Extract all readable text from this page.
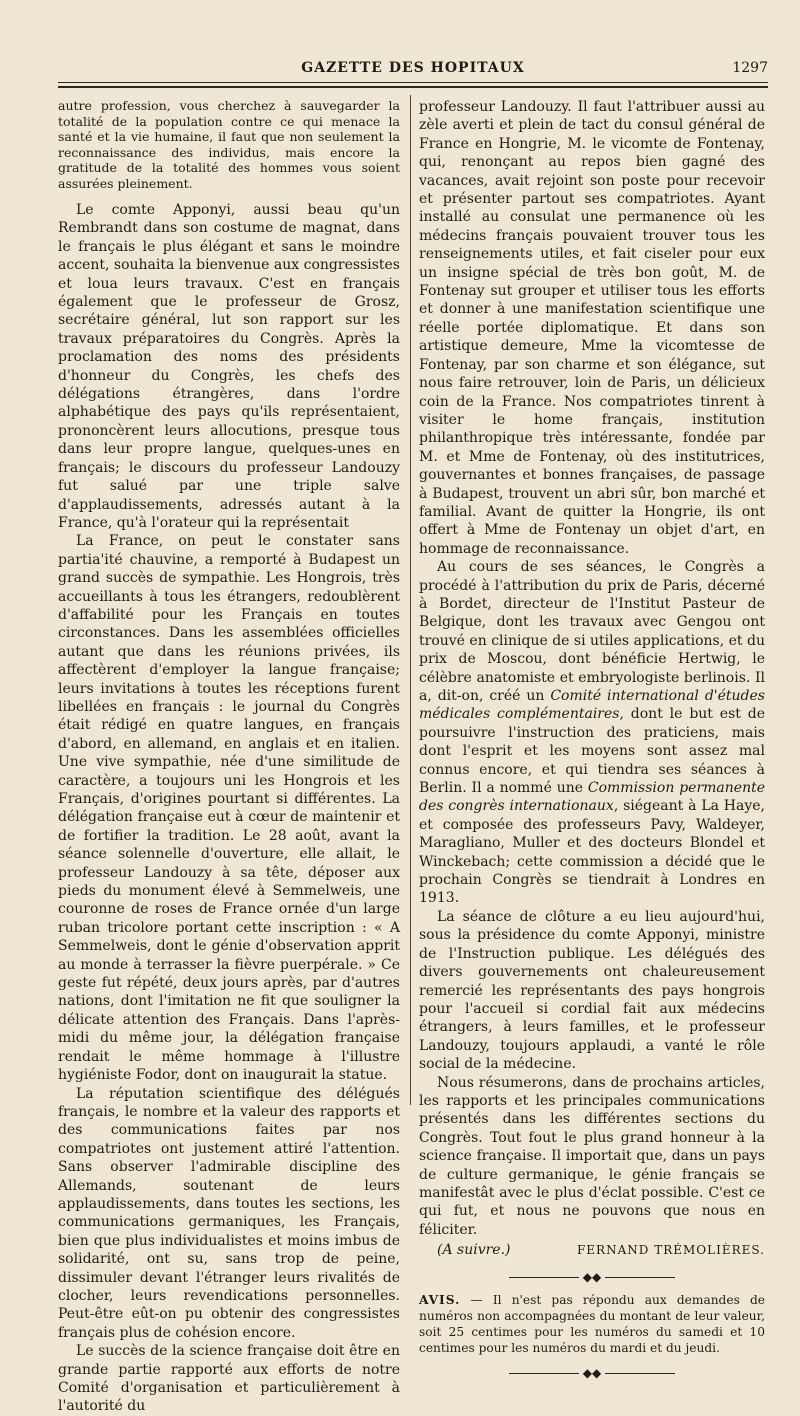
GAZETTE DES HOPITAUX	1297

autre profession, vous cherchez à sauvegarder la totalité de la population contre ce qui menace la santé et la vie humaine, il faut que non seulement la reconnaissance des individus, mais encore la gratitude de la totalité des hommes vous soient assurées pleinement.

Le comte Apponyi, aussi beau qu'un Rembrandt dans son costume de magnat, dans le français le plus élégant et sans le moindre accent, souhaita la bienvenue aux congressistes et loua leurs travaux. C'est en français également que le professeur de Grosz, secrétaire général, lut son rapport sur les travaux préparatoires du Congrès. Après la proclamation des noms des présidents d'honneur du Congrès, les chefs des délégations étrangères, dans l'ordre alphabétique des pays qu'ils représentaient, prononcèrent leurs allocutions, presque tous dans leur propre langue, quelques-unes en français; le discours du professeur Landouzy fut salué par une triple salve d'applaudissements, adressés autant à la France, qu'à l'orateur qui la représentait

La France, on peut le constater sans partia'ité chauvine, a remporté à Budapest un grand succès de sympathie. Les Hongrois, très accueillants à tous les étrangers, redoublèrent d'affabilité pour les Français en toutes circonstances. Dans les assemblées officielles autant que dans les réunions privées, ils affectèrent d'employer la langue française; leurs invitations à toutes les réceptions furent libellées en français : le journal du Congrès était rédigé en quatre langues, en français d'abord, en allemand, en anglais et en italien. Une vive sympathie, née d'une similitude de caractère, a toujours uni les Hongrois et les Français, d'origines pourtant si différentes. La délégation française eut à cœur de maintenir et de fortifier la tradition. Le 28 août, avant la séance solennelle d'ouverture, elle allait, le professeur Landouzy à sa tête, déposer aux pieds du monument élevé à Semmelweis, une couronne de roses de France ornée d'un large ruban tricolore portant cette inscription : « A Semmelweis, dont le génie d'observation apprit au monde à terrasser la fièvre puerpérale. » Ce geste fut répété, deux jours après, par d'autres nations, dont l'imitation ne fit que souligner la délicate attention des Français. Dans l'après-midi du même jour, la délégation française rendait le même hommage à l'illustre hygiéniste Fodor, dont on inaugurait la statue.

La réputation scientifique des délégués français, le nombre et la valeur des rapports et des communications faites par nos compatriotes ont justement attiré l'attention. Sans observer l'admirable discipline des Allemands, soutenant de leurs applaudissements, dans toutes les sections, les communications germaniques, les Français, bien que plus individualistes et moins imbus de solidarité, ont su, sans trop de peine, dissimuler devant l'étranger leurs rivalités de clocher, leurs revendications personnelles. Peut-être eût-on pu obtenir des congressistes français plus de cohésion encore.

Le succès de la science française doit être en grande partie rapporté aux efforts de notre Comité d'organisation et particulièrement à l'autorité du

professeur Landouzy. Il faut l'attribuer aussi au zèle averti et plein de tact du consul général de France en Hongrie, M. le vicomte de Fontenay, qui, renonçant au repos bien gagné des vacances, avait rejoint son poste pour recevoir et présenter partout ses compatriotes. Ayant installé au consulat une permanence où les médecins français pouvaient trouver tous les renseignements utiles, et fait ciseler pour eux un insigne spécial de très bon goût, M. de Fontenay sut grouper et utiliser tous les efforts et donner à une manifestation scientifique une réelle portée diplomatique. Et dans son artistique demeure, Mme la vicomtesse de Fontenay, par son charme et son élégance, sut nous faire retrouver, loin de Paris, un délicieux coin de la France. Nos compatriotes tinrent à visiter le home français, institution philanthropique très intéressante, fondée par M. et Mme de Fontenay, où des institutrices, gouvernantes et bonnes françaises, de passage à Budapest, trouvent un abri sûr, bon marché et familial. Avant de quitter la Hongrie, ils ont offert à Mme de Fontenay un objet d'art, en hommage de reconnaissance.

Au cours de ses séances, le Congrès a procédé à l'attribution du prix de Paris, décerné à Bordet, directeur de l'Institut Pasteur de Belgique, dont les travaux avec Gengou ont trouvé en clinique de si utiles applications, et du prix de Moscou, dont bénéficie Hertwig, le célèbre anatomiste et embryologiste berlinois. Il a, dit-on, créé un Comité international d'études médicales complémentaires, dont le but est de poursuivre l'instruction des praticiens, mais dont l'esprit et les moyens sont assez mal connus encore, et qui tiendra ses séances à Berlin. Il a nommé une Commission permanente des congrès internationaux, siégeant à La Haye, et composée des professeurs Pavy, Waldeyer, Maragliano, Muller et des docteurs Blondel et Winckebach; cette commission a décidé que le prochain Congrès se tiendrait à Londres en 1913.

La séance de clôture a eu lieu aujourd'hui, sous la présidence du comte Apponyi, ministre de l'Instruction publique. Les délégués des divers gouvernements ont chaleureusement remercié les représentants des pays hongrois pour l'accueil si cordial fait aux médecins étrangers, à leurs familles, et le professeur Landouzy, toujours applaudi, a vanté le rôle social de la médecine.

Nous résumerons, dans de prochains articles, les rapports et les principales communications présentés dans les différentes sections du Congrès. Tout fout le plus grand honneur à la science française. Il importait que, dans un pays de culture germanique, le génie français se manifestât avec le plus d'éclat possible. C'est ce qui fut, et nous ne pouvons que nous en féliciter.

(A suivre.)	FERNAND TRÉMOLIÈRES.
◆◆
AVIS. — Il n'est pas répondu aux demandes de numéros non accompagnées du montant de leur valeur, soit 25 centimes pour les numéros du samedi et 10 centimes pour les numéros du mardi et du jeudi.
◆◆
